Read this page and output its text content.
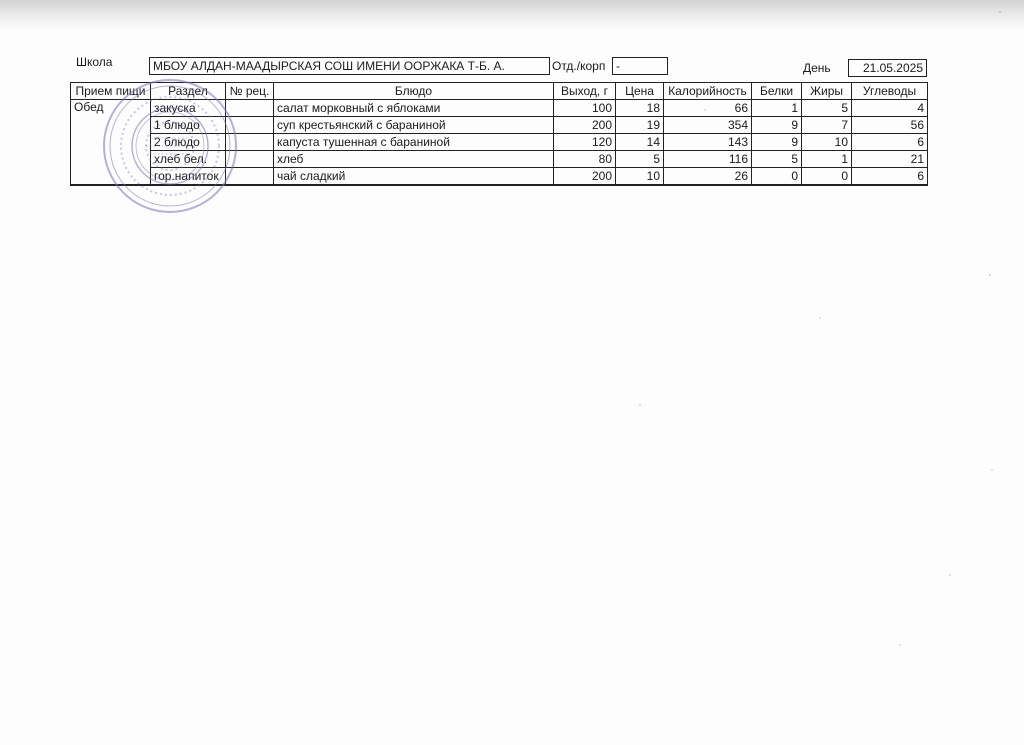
Школа	МБОУ АЛДАН-МААДЫРСКАЯ СОШ ИМЕНИ ООРЖАКА Т-Б. А.	Отд./корп -	День	21.05.2025
Прием пищи	Раздел	№ рец.	Блюдо	Выход, г	Цена	Калорийность	Белки	Жиры	Углеводы
Обед	закуска		салат морковный с яблоками	100	18	66	1	5	4
	1 блюдо		суп крестьянский с бараниной	200	19	354	9	7	56
	2 блюдо		капуста тушенная с бараниной	120	14	143	9	10	6
	хлеб бел.		хлеб	80	5	116	5	1	21
	гор.напиток		чай сладкий	200	10	26	0	0	6
